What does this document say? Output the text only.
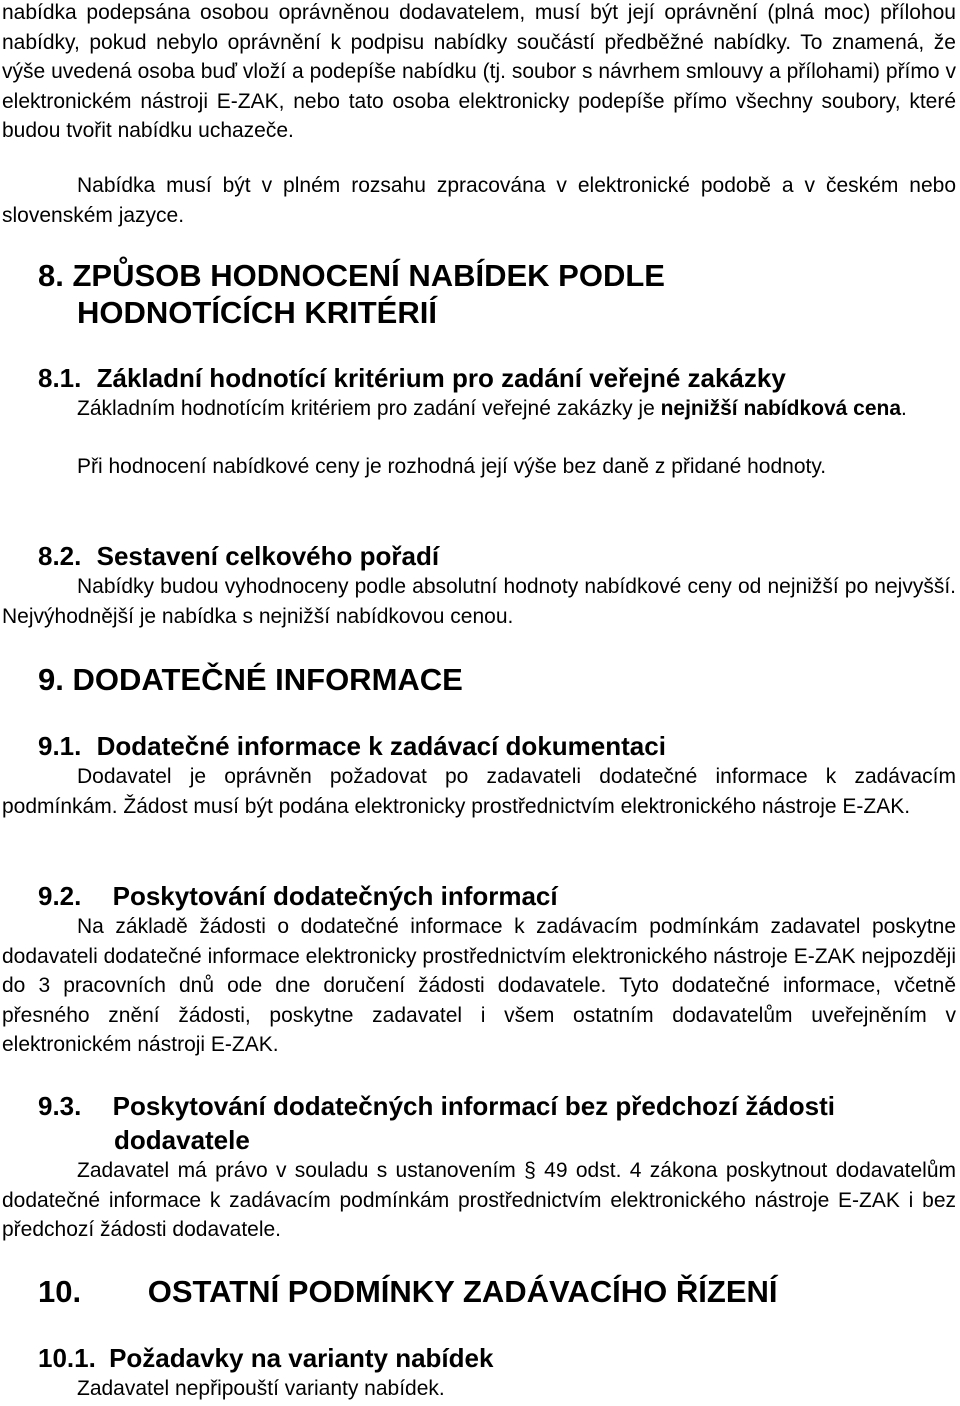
nabídka podepsána osobou oprávněnou dodavatelem, musí být její oprávnění (plná moc) přílohou nabídky, pokud nebylo oprávnění k podpisu nabídky součástí předběžné nabídky. To znamená, že výše uvedená osoba buď vloží a podepíše nabídku (tj. soubor s návrhem smlouvy a přílohami) přímo v elektronickém nástroji E-ZAK, nebo tato osoba elektronicky podepíše přímo všechny soubory, které budou tvořit nabídku uchazeče.

Nabídka musí být v plném rozsahu zpracována v elektronické podobě a v českém nebo slovenském jazyce.

8. ZPŮSOB HODNOCENÍ NABÍDEK PODLE
HODNOTÍCÍCH KRITÉRIÍ
8.1. Základní hodnotící kritérium pro zadání veřejné zakázky

Základním hodnotícím kritériem pro zadání veřejné zakázky je nejnižší nabídková cena.

Při hodnocení nabídkové ceny je rozhodná její výše bez daně z přidané hodnoty.

8.2. Sestavení celkového pořadí

Nabídky budou vyhodnoceny podle absolutní hodnoty nabídkové ceny od nejnižší po nejvyšší. Nejvýhodnější je nabídka s nejnižší nabídkovou cenou.

9. DODATEČNÉ INFORMACE
9.1. Dodatečné informace k zadávací dokumentaci

Dodavatel je oprávněn požadovat po zadavateli dodatečné informace k zadávacím podmínkám. Žádost musí být podána elektronicky prostřednictvím elektronického nástroje E-ZAK.

9.2. Poskytování dodatečných informací

Na základě žádosti o dodatečné informace k zadávacím podmínkám zadavatel poskytne dodavateli dodatečné informace elektronicky prostřednictvím elektronického nástroje E-ZAK nejpozději do 3 pracovních dnů ode dne doručení žádosti dodavatele. Tyto dodatečné informace, včetně přesného znění žádosti, poskytne zadavatel i všem ostatním dodavatelům uveřejněním v elektronickém nástroji E-ZAK.

9.3. Poskytování dodatečných informací bez předchozí žádosti
dodavatele

Zadavatel má právo v souladu s ustanovením § 49 odst. 4 zákona poskytnout dodavatelům dodatečné informace k zadávacím podmínkám prostřednictvím elektronického nástroje E-ZAK i bez předchozí žádosti dodavatele.

10. OSTATNÍ PODMÍNKY ZADÁVACÍHO ŘÍZENÍ
10.1. Požadavky na varianty nabídek

Zadavatel nepřipouští varianty nabídek.
